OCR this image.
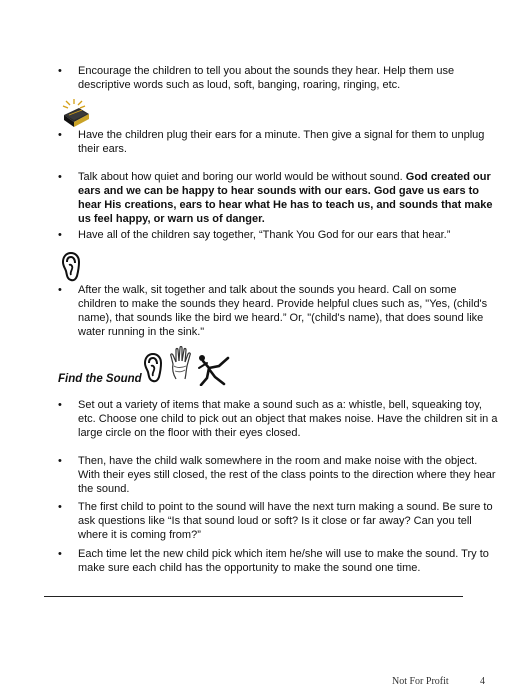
•	Encourage the children to tell you about the sounds they hear. Help them use descriptive words such as loud, soft, banging, roaring, ringing, etc.
•	Have the children plug their ears for a minute. Then give a signal for them to unplug their ears.
•	Talk about how quiet and boring our world would be without sound. God created our ears and we can be happy to hear sounds with our ears. God gave us ears to hear His creations, ears to hear what He has to teach us, and sounds that make us feel happy, or warn us of danger.
•	Have all of the children say together, “Thank You God for our ears that hear.”
•	After the walk, sit together and talk about the sounds you heard. Call on some children to make the sounds they heard. Provide helpful clues such as, "Yes, (child's name), that sounds like the bird we heard.” Or, "(child's name), that does sound like water running in the sink."
Find the Sound
•	Set out a variety of items that make a sound such as a: whistle, bell, squeaking toy, etc. Choose one child to pick out an object that makes noise. Have the children sit in a large circle on the floor with their eyes closed.
•	Then, have the child walk somewhere in the room and make noise with the object. With their eyes still closed, the rest of the class points to the direction where they hear the sound.
•	The first child to point to the sound will have the next turn making a sound. Be sure to ask questions like “Is that sound loud or soft? Is it close or far away? Can you tell where it is coming from?”
•	Each time let the new child pick which item he/she will use to make the sound. Try to make sure each child has the opportunity to make the sound one time.
Not For Profit	4
